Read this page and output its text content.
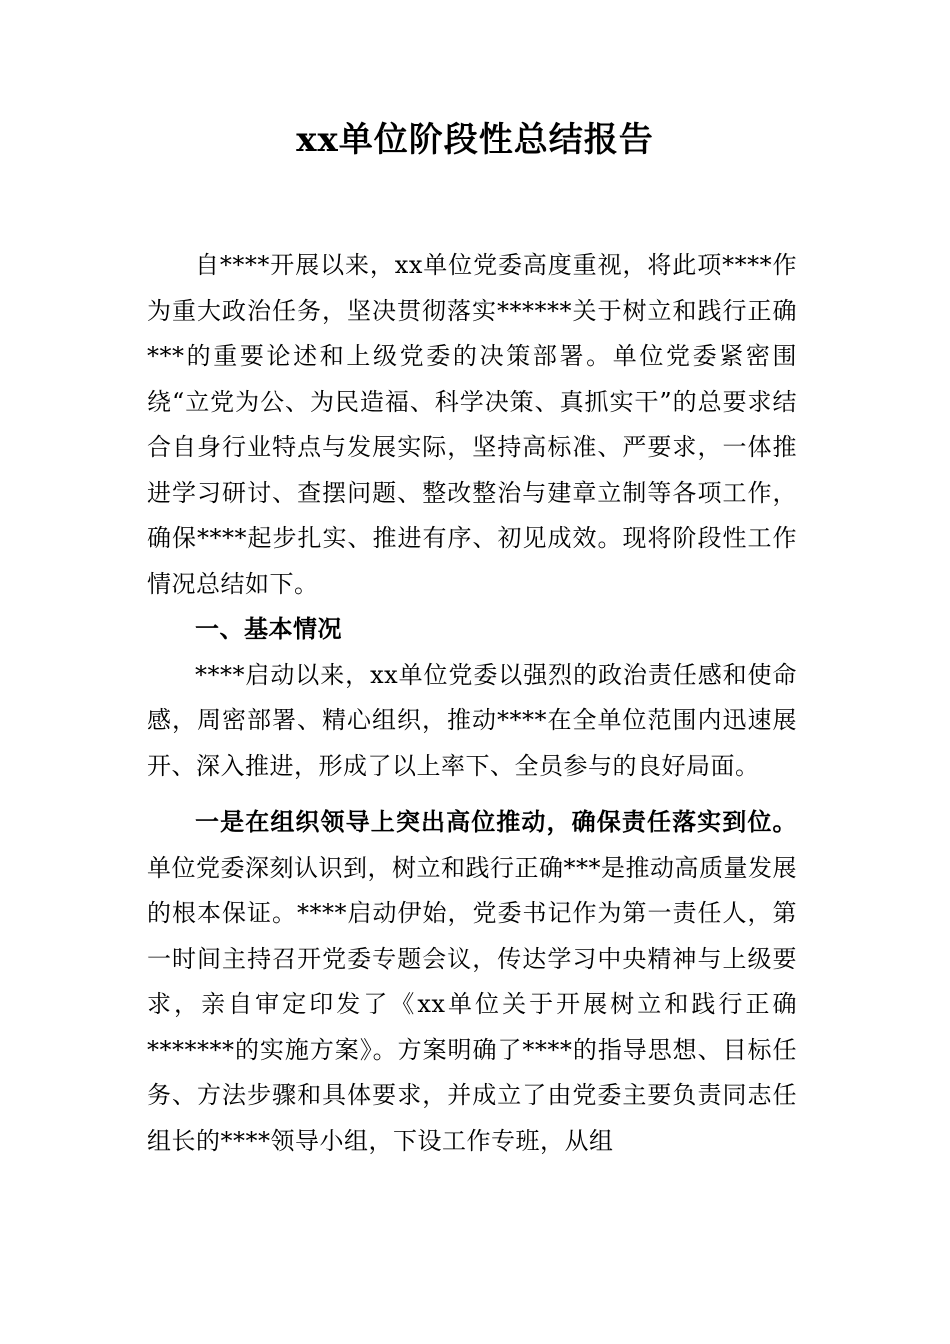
xx单位阶段性总结报告

自****开展以来，xx单位党委高度重视，将此项****作为重大政治任务，坚决贯彻落实******关于树立和践行正确***的重要论述和上级党委的决策部署。单位党委紧密围绕“立党为公、为民造福、科学决策、真抓实干”的总要求结合自身行业特点与发展实际，坚持高标准、严要求，一体推进学习研讨、查摆问题、整改整治与建章立制等各项工作，确保****起步扎实、推进有序、初见成效。现将阶段性工作情况总结如下。

一、基本情况

****启动以来，xx单位党委以强烈的政治责任感和使命感，周密部署、精心组织，推动****在全单位范围内迅速展开、深入推进，形成了以上率下、全员参与的良好局面。

一是在组织领导上突出高位推动，确保责任落实到位。单位党委深刻认识到，树立和践行正确***是推动高质量发展的根本保证。****启动伊始，党委书记作为第一责任人，第一时间主持召开党委专题会议，传达学习中央精神与上级要求，亲自审定印发了《xx单位关于开展树立和践行正确*******的实施方案》。方案明确了****的指导思想、目标任务、方法步骤和具体要求，并成立了由党委主要负责同志任组长的****领导小组，下设工作专班，从组
